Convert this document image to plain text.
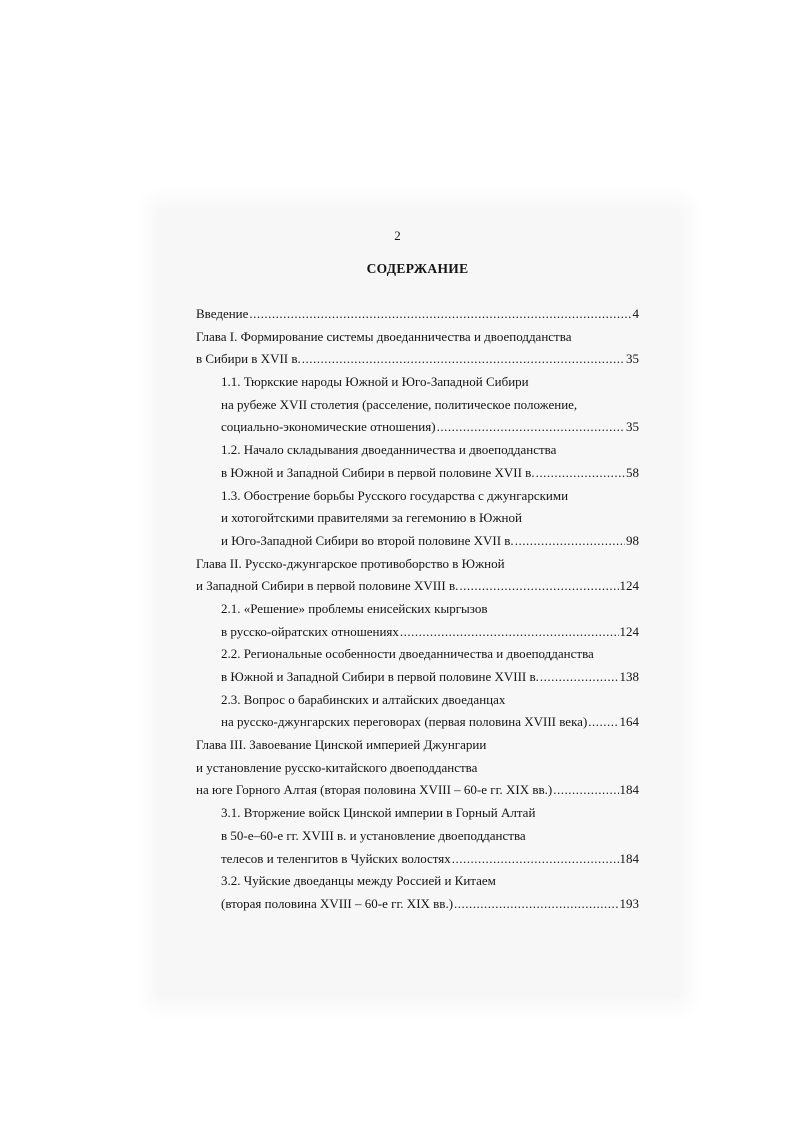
2
СОДЕРЖАНИЕ
Введение .....	4
Глава I. Формирование системы двоеданничества и двоеподданства
в Сибири в XVII в. .....	35
1.1. Тюркские народы Южной и Юго-Западной Сибири
на рубеже XVII столетия (расселение, политическое положение,
социально-экономические отношения) .....	35
1.2. Начало складывания двоеданничества и двоеподданства
в Южной и Западной Сибири в первой половине XVII в. .....	58
1.3. Обострение борьбы Русского государства с джунгарскими
и хотогойтскими правителями за гегемонию в Южной
и Юго-Западной Сибири во второй половине XVII в. .....	98
Глава II. Русско-джунгарское противоборство в Южной
и Западной Сибири в первой половине XVIII в. .....	124
2.1. «Решение» проблемы енисейских кыргызов
в русско-ойратских отношениях .....	124
2.2. Региональные особенности двоеданничества и двоеподданства
в Южной и Западной Сибири в первой половине XVIII в. .....	138
2.3. Вопрос о барабинских и алтайских двоеданцах
на русско-джунгарских переговорах (первая половина XVIII века) ..... 164
Глава III. Завоевание Цинской империей Джунгарии
и установление русско-китайского двоеподданства
на юге Горного Алтая (вторая половина XVIII – 60-е гг. XIX вв.) .....	184
3.1. Вторжение войск Цинской империи в Горный Алтай
в 50-е–60-е гг. XVIII в. и установление двоеподданства
телесов и теленгитов в Чуйских волостях .....	184
3.2. Чуйские двоеданцы между Россией и Китаем
(вторая половина XVIII – 60-е гг. XIX вв.) .....	193
